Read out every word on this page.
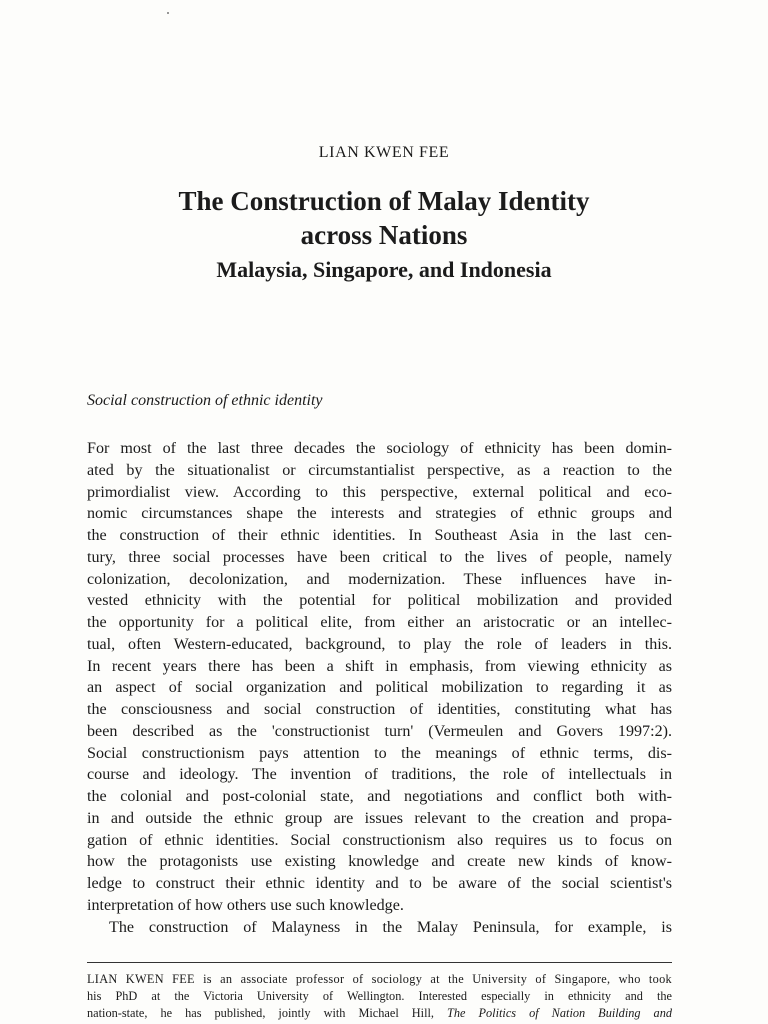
LIAN KWEN FEE
The Construction of Malay Identity
across Nations
Malaysia, Singapore, and Indonesia
Social construction of ethnic identity
For most of the last three decades the sociology of ethnicity has been domin-
ated by the situationalist or circumstantialist perspective, as a reaction to the
primordialist view. According to this perspective, external political and eco-
nomic circumstances shape the interests and strategies of ethnic groups and
the construction of their ethnic identities. In Southeast Asia in the last cen-
tury, three social processes have been critical to the lives of people, namely
colonization, decolonization, and modernization. These influences have in-
vested ethnicity with the potential for political mobilization and provided
the opportunity for a political elite, from either an aristocratic or an intellec-
tual, often Western-educated, background, to play the role of leaders in this.
In recent years there has been a shift in emphasis, from viewing ethnicity as
an aspect of social organization and political mobilization to regarding it as
the consciousness and social construction of identities, constituting what has
been described as the 'constructionist turn' (Vermeulen and Govers 1997:2).
Social constructionism pays attention to the meanings of ethnic terms, dis-
course and ideology. The invention of traditions, the role of intellectuals in
the colonial and post-colonial state, and negotiations and conflict both with-
in and outside the ethnic group are issues relevant to the creation and propa-
gation of ethnic identities. Social constructionism also requires us to focus on
how the protagonists use existing knowledge and create new kinds of know-
ledge to construct their ethnic identity and to be aware of the social scientist's
interpretation of how others use such knowledge.
The construction of Malayness in the Malay Peninsula, for example, is
LIAN KWEN FEE is an associate professor of sociology at the University of Singapore, who took
his PhD at the Victoria University of Wellington. Interested especially in ethnicity and the
nation-state, he has published, jointly with Michael Hill, The Politics of Nation Building and
